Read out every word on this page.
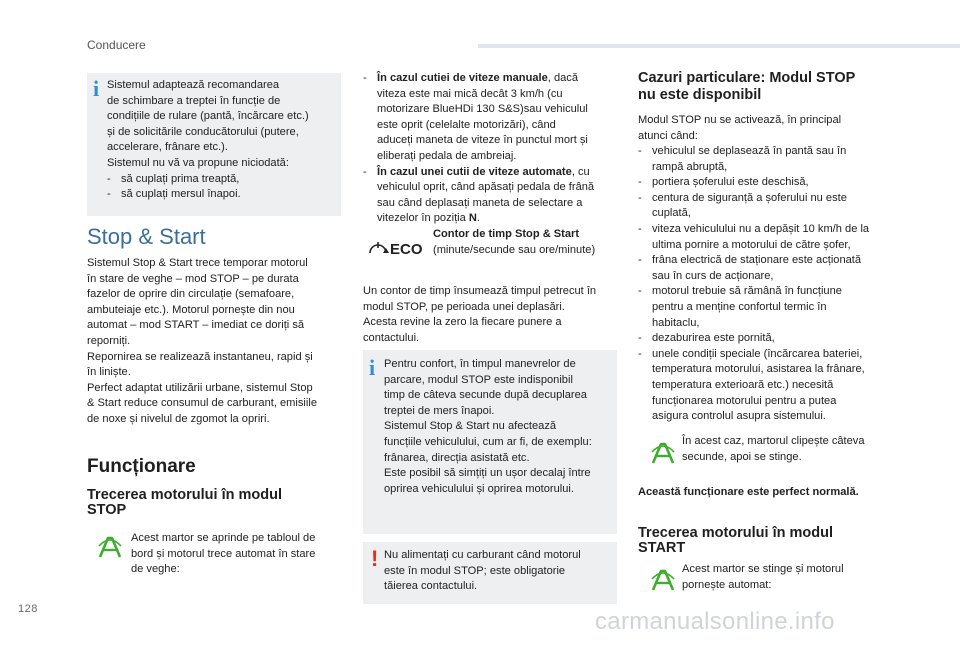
Conducere
i Sistemul adaptează recomandarea
de schimbare a treptei în funcție de
condițiile de rulare (pantă, încărcare etc.)
și de solicitările conducătorului (putere,
accelerare, frânare etc.).
Sistemul nu vă va propune niciodată:
- să cuplați prima treaptă,
- să cuplați mersul înapoi.
Stop & Start
Sistemul Stop & Start trece temporar motorul
în stare de veghe – mod STOP – pe durata
fazelor de oprire din circulație (semafoare,
ambuteiaje etc.). Motorul pornește din nou
automat – mod START – imediat ce doriți să
reporniți.
Repornirea se realizează instantaneu, rapid și
în liniște.
Perfect adaptat utilizării urbane, sistemul Stop
& Start reduce consumul de carburant, emisiile
de noxe și nivelul de zgomot la opriri.
Funcționare
Trecerea motorului în modul
STOP
Acest martor se aprinde pe tabloul de
bord și motorul trece automat în stare
de veghe:
- În cazul cutiei de viteze manuale, dacă
viteza este mai mică decât 3 km/h (cu
motorizare BlueHDi 130 S&S)sau vehiculul
este oprit (celelalte motorizări), când
aduceți maneta de viteze în punctul mort și
eliberați pedala de ambreiaj.
- În cazul unei cutii de viteze automate, cu
vehiculul oprit, când apăsați pedala de frână
sau când deplasați maneta de selectare a
vitezelor în poziția N.
ECO
Contor de timp Stop & Start
(minute/secunde sau ore/minute)
Un contor de timp însumează timpul petrecut în
modul STOP, pe perioada unei deplasări.
Acesta revine la zero la fiecare punere a
contactului.
i Pentru confort, în timpul manevrelor de
parcare, modul STOP este indisponibil
timp de câteva secunde după decuplarea
treptei de mers înapoi.
Sistemul Stop & Start nu afectează
funcțiile vehiculului, cum ar fi, de exemplu:
frânarea, direcția asistată etc.
Este posibil să simțiți un ușor decalaj între
oprirea vehiculului și oprirea motorului.
! Nu alimentați cu carburant când motorul
este în modul STOP; este obligatorie
tăierea contactului.
Cazuri particulare: Modul STOP
nu este disponibil
Modul STOP nu se activează, în principal
atunci când:
- vehiculul se deplasează în pantă sau în
rampă abruptă,
- portiera șoferului este deschisă,
- centura de siguranță a șoferului nu este
cuplată,
- viteza vehiculului nu a depășit 10 km/h de la
ultima pornire a motorului de către șofer,
- frâna electrică de staționare este acționată
sau în curs de acționare,
- motorul trebuie să rămână în funcțiune
pentru a menține confortul termic în
habitaclu,
- dezaburirea este pornită,
- unele condiții speciale (încărcarea bateriei,
temperatura motorului, asistarea la frânare,
temperatura exterioară etc.) necesită
funcționarea motorului pentru a putea
asigura controlul asupra sistemului.
În acest caz, martorul clipește câteva
secunde, apoi se stinge.
Această funcționare este perfect normală.
Trecerea motorului în modul
START
Acest martor se stinge și motorul
pornește automat:
128	carmanualsonline.info
